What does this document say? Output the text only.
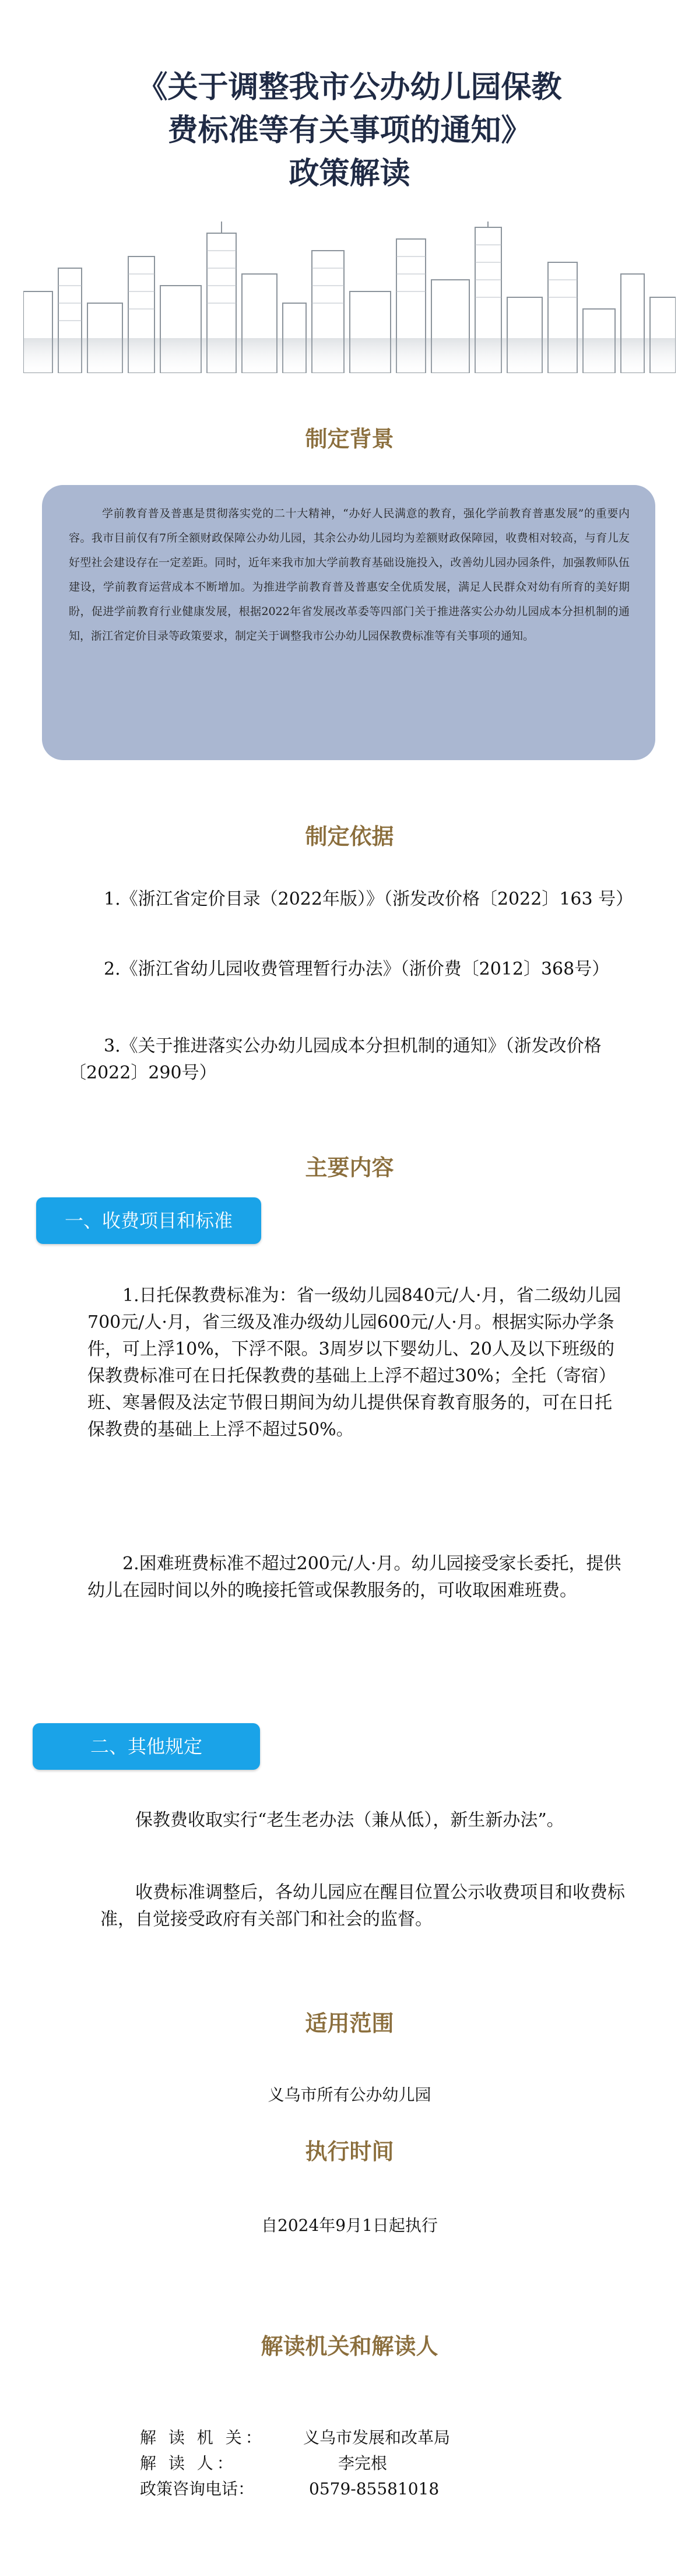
《关于调整我市公办幼儿园保教
费标准等有关事项的通知》
政策解读
制定背景
学前教育普及普惠是贯彻落实党的二十大精神，“办好人民满意的教育，强化学前教育普惠发展”的重要内容。我市目前仅有7所全额财政保障公办幼儿园，其余公办幼儿园均为差额财政保障园，收费相对较高，与育儿友好型社会建设存在一定差距。同时，近年来我市加大学前教育基础设施投入，改善幼儿园办园条件，加强教师队伍建设，学前教育运营成本不断增加。为推进学前教育普及普惠安全优质发展，满足人民群众对幼有所育的美好期盼，促进学前教育行业健康发展，根据2022年省发展改革委等四部门关于推进落实公办幼儿园成本分担机制的通知，浙江省定价目录等政策要求，制定关于调整我市公办幼儿园保教费标准等有关事项的通知。
制定依据
1.《浙江省定价目录（2022年版）》（浙发改价格〔2022〕163 号）
2.《浙江省幼儿园收费管理暂行办法》（浙价费〔2012〕368号）
3.《关于推进落实公办幼儿园成本分担机制的通知》（浙发改价格〔2022〕290号）
主要内容
一、收费项目和标准
1.日托保教费标准为：省一级幼儿园840元/人·月，省二级幼儿园700元/人·月，省三级及准办级幼儿园600元/人·月。根据实际办学条件，可上浮10%，下浮不限。3周岁以下婴幼儿、20人及以下班级的保教费标准可在日托保教费的基础上上浮不超过30%；全托（寄宿）班、寒暑假及法定节假日期间为幼儿提供保育教育服务的，可在日托保教费的基础上上浮不超过50%。
2.困难班费标准不超过200元/人·月。幼儿园接受家长委托，提供幼儿在园时间以外的晚接托管或保教服务的，可收取困难班费。
二、其他规定
保教费收取实行“老生老办法（兼从低），新生新办法”。
收费标准调整后，各幼儿园应在醒目位置公示收费项目和收费标准，自觉接受政府有关部门和社会的监督。
适用范围
义乌市所有公办幼儿园
执行时间
自2024年9月1日起执行
解读机关和解读人
解 读 机 关：	义乌市发展和改革局
解 读 人：	李完根
政策咨询电话：	0579-85581018
